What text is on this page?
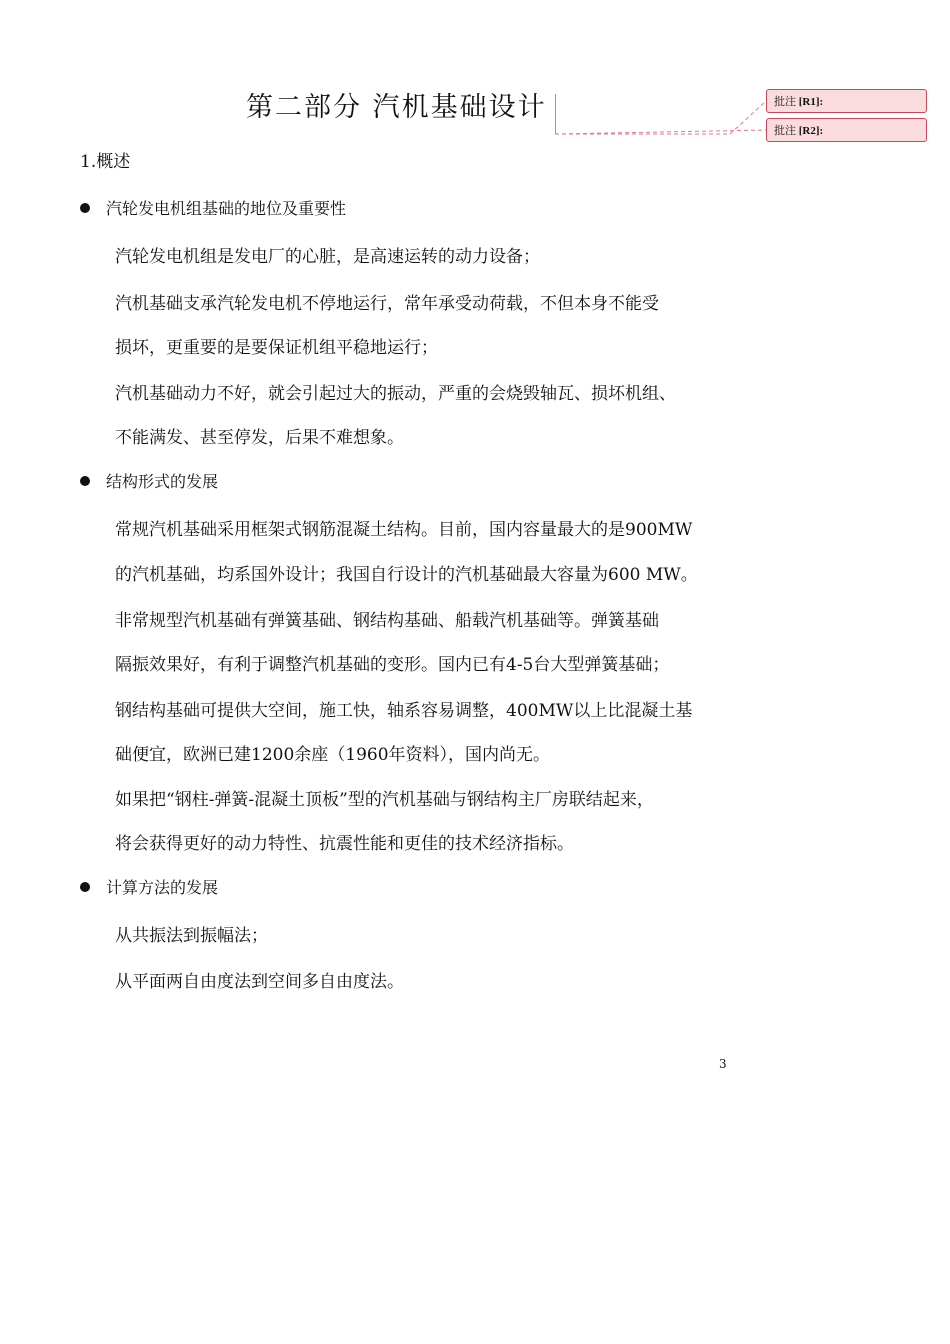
第二部分 汽机基础设计	批注 [R1]:
批注 [R2]:
1.概述
汽轮发电机组基础的地位及重要性
汽轮发电机组是发电厂的心脏，是高速运转的动力设备；
汽机基础支承汽轮发电机不停地运行，常年承受动荷载，不但本身不能受
损坏，更重要的是要保证机组平稳地运行；
汽机基础动力不好，就会引起过大的振动，严重的会烧毁轴瓦、损坏机组、
不能满发、甚至停发，后果不难想象。
结构形式的发展
常规汽机基础采用框架式钢筋混凝土结构。目前，国内容量最大的是900MW
的汽机基础，均系国外设计；我国自行设计的汽机基础最大容量为600 MW。
非常规型汽机基础有弹簧基础、钢结构基础、船载汽机基础等。弹簧基础
隔振效果好，有利于调整汽机基础的变形。国内已有4-5台大型弹簧基础；
钢结构基础可提供大空间，施工快，轴系容易调整，400MW以上比混凝土基
础便宜，欧洲已建1200余座（1960年资料），国内尚无。
如果把“钢柱-弹簧-混凝土顶板”型的汽机基础与钢结构主厂房联结起来，
将会获得更好的动力特性、抗震性能和更佳的技术经济指标。
计算方法的发展
从共振法到振幅法；
从平面两自由度法到空间多自由度法。
3
